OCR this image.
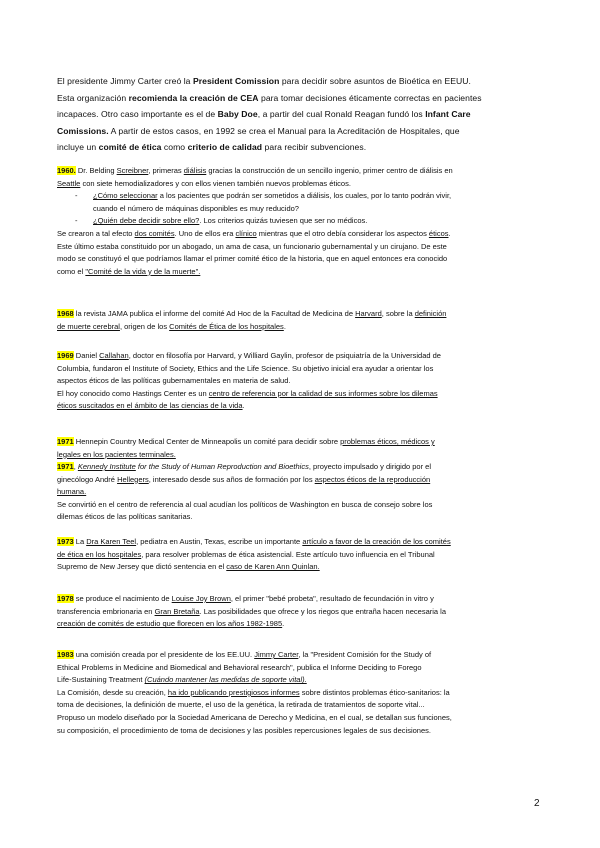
El presidente Jimmy Carter creó la President Comission para decidir sobre asuntos de Bioética en EEUU.
Esta organización recomienda la creación de CEA para tomar decisiones éticamente correctas en pacientes
incapaces. Otro caso importante es el de Baby Doe, a partir del cual Ronald Reagan fundó los Infant Care
Comissions. A partir de estos casos, en 1992 se crea el Manual para la Acreditación de Hospitales, que
incluye un comité de ética como criterio de calidad para recibir subvenciones.
1960. Dr. Belding Screibner, primeras diálisis gracias la construcción de un sencillo ingenio, primer centro de diálisis en
Seattle con siete hemodializadores y con ellos vienen también nuevos problemas éticos.
- ¿Cómo seleccionar a los pacientes que podrán ser sometidos a diálisis, los cuales, por lo tanto podrán vivir,
cuando el número de máquinas disponibles es muy reducido?
- ¿Quién debe decidir sobre ello?. Los criterios quizás tuviesen que ser no médicos.
Se crearon a tal efecto dos comités. Uno de ellos era clínico mientras que el otro debía considerar los aspectos éticos.
Este último estaba constituido por un abogado, un ama de casa, un funcionario gubernamental y un cirujano. De este
modo se constituyó el que podríamos llamar el primer comité ético de la historia, que en aquel entonces era conocido
como el "Comité de la vida y de la muerte".
1968 la revista JAMA publica el informe del comité Ad Hoc de la Facultad de Medicina de Harvard, sobre la definición
de muerte cerebral, origen de los Comités de Ética de los hospitales.
1969 Daniel Callahan, doctor en filosofía por Harvard, y Williard Gaylin, profesor de psiquiatría de la Universidad de
Columbia, fundaron el Institute of Society, Ethics and the Life Science. Su objetivo inicial era ayudar a orientar los
aspectos éticos de las políticas gubernamentales en materia de salud.
El hoy conocido como Hastings Center es un centro de referencia por la calidad de sus informes sobre los dilemas
éticos suscitados en el ámbito de las ciencias de la vida.
1971 Hennepin Country Medical Center de Minneapolis un comité para decidir sobre problemas éticos, médicos y
legales en los pacientes terminales.
1971, Kennedy Institute for the Study of Human Reproduction and Bioethics, proyecto impulsado y dirigido por el
ginecólogo André Hellegers, interesado desde sus años de formación por los aspectos éticos de la reproducción
humana.
Se convirtió en el centro de referencia al cual acudían los políticos de Washington en busca de consejo sobre los
dilemas éticos de las políticas sanitarias.
1973 La Dra Karen Teel, pediatra en Austin, Texas, escribe un importante artículo a favor de la creación de los comités
de ética en los hospitales, para resolver problemas de ética asistencial. Este artículo tuvo influencia en el Tribunal
Supremo de New Jersey que dictó sentencia en el caso de Karen Ann Quinlan.
1978 se produce el nacimiento de Louise Joy Brown, el primer "bebé probeta", resultado de fecundación in vitro y
transferencia embrionaria en Gran Bretaña. Las posibilidades que ofrece y los riegos que entraña hacen necesaria la
creación de comités de estudio que florecen en los años 1982-1985.
1983 una comisión creada por el presidente de los EE.UU. Jimmy Carter, la "President Comisión for the Study of
Ethical Problems in Medicine and Biomedical and Behavioral research", publica el Informe Deciding to Forego
Life-Sustaining Treatment (Cuándo mantener las medidas de soporte vital).
La Comisión, desde su creación, ha ido publicando prestigiosos informes sobre distintos problemas ético-sanitarios: la
toma de decisiones, la definición de muerte, el uso de la genética, la retirada de tratamientos de soporte vital...
Propuso un modelo diseñado por la Sociedad Americana de Derecho y Medicina, en el cual, se detallan sus funciones,
su composición, el procedimiento de toma de decisiones y las posibles repercusiones legales de sus decisiones.
2
